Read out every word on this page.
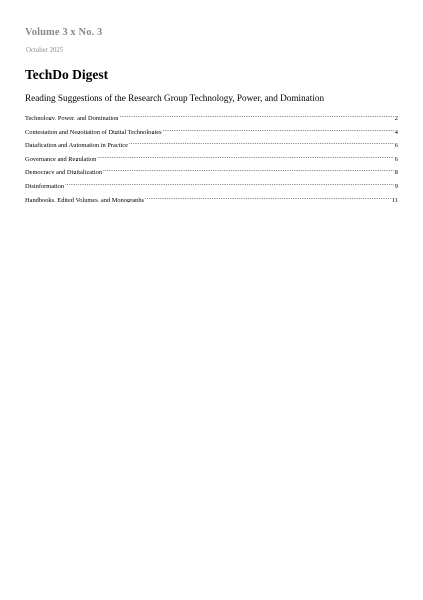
Volume 3 x No. 3
October 2025
TechDo Digest
Reading Suggestions of the Research Group Technology, Power, and Domination
Technology, Power, and Domination .....	2
Contestation and Negotiation of Digital Technologies .....	4
Datafication and Automation in Practice .....	6
Governance and Regulation .....	6
Democracy and Digitalization .....	8
Disinformation .....	9
Handbooks, Edited Volumes, and Monographs .....	11
